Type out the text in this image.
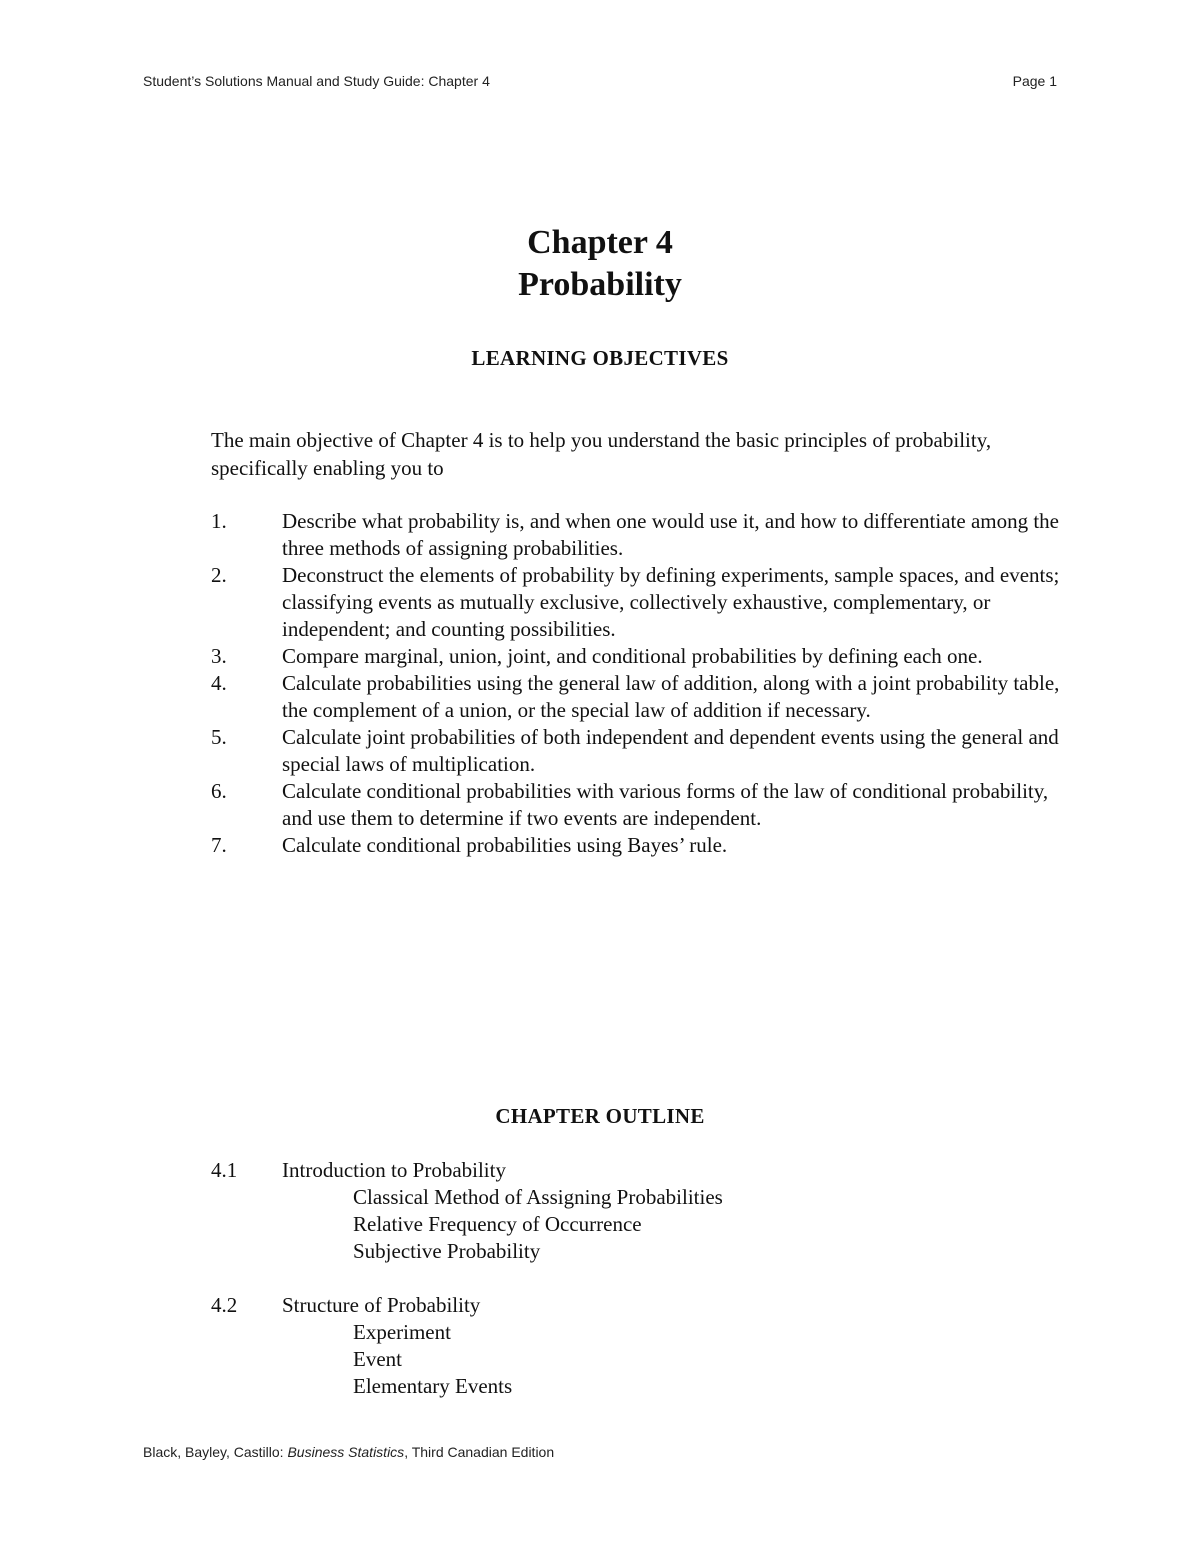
Student’s Solutions Manual and Study Guide: Chapter 4	Page 1
Chapter 4
Probability
LEARNING OBJECTIVES
The main objective of Chapter 4 is to help you understand the basic principles of probability, specifically enabling you to
1.	Describe what probability is, and when one would use it, and how to differentiate among the three methods of assigning probabilities.
2.	Deconstruct the elements of probability by defining experiments, sample spaces, and events; classifying events as mutually exclusive, collectively exhaustive, complementary, or independent; and counting possibilities.
3.	Compare marginal, union, joint, and conditional probabilities by defining each one.
4.	Calculate probabilities using the general law of addition, along with a joint probability table, the complement of a union, or the special law of addition if necessary.
5.	Calculate joint probabilities of both independent and dependent events using the general and special laws of multiplication.
6.	Calculate conditional probabilities with various forms of the law of conditional probability, and use them to determine if two events are independent.
7.	Calculate conditional probabilities using Bayes’ rule.
CHAPTER OUTLINE
4.1	Introduction to Probability
Classical Method of Assigning Probabilities
Relative Frequency of Occurrence
Subjective Probability
4.2	Structure of Probability
Experiment
Event
Elementary Events
Black, Bayley, Castillo: Business Statistics, Third Canadian Edition
